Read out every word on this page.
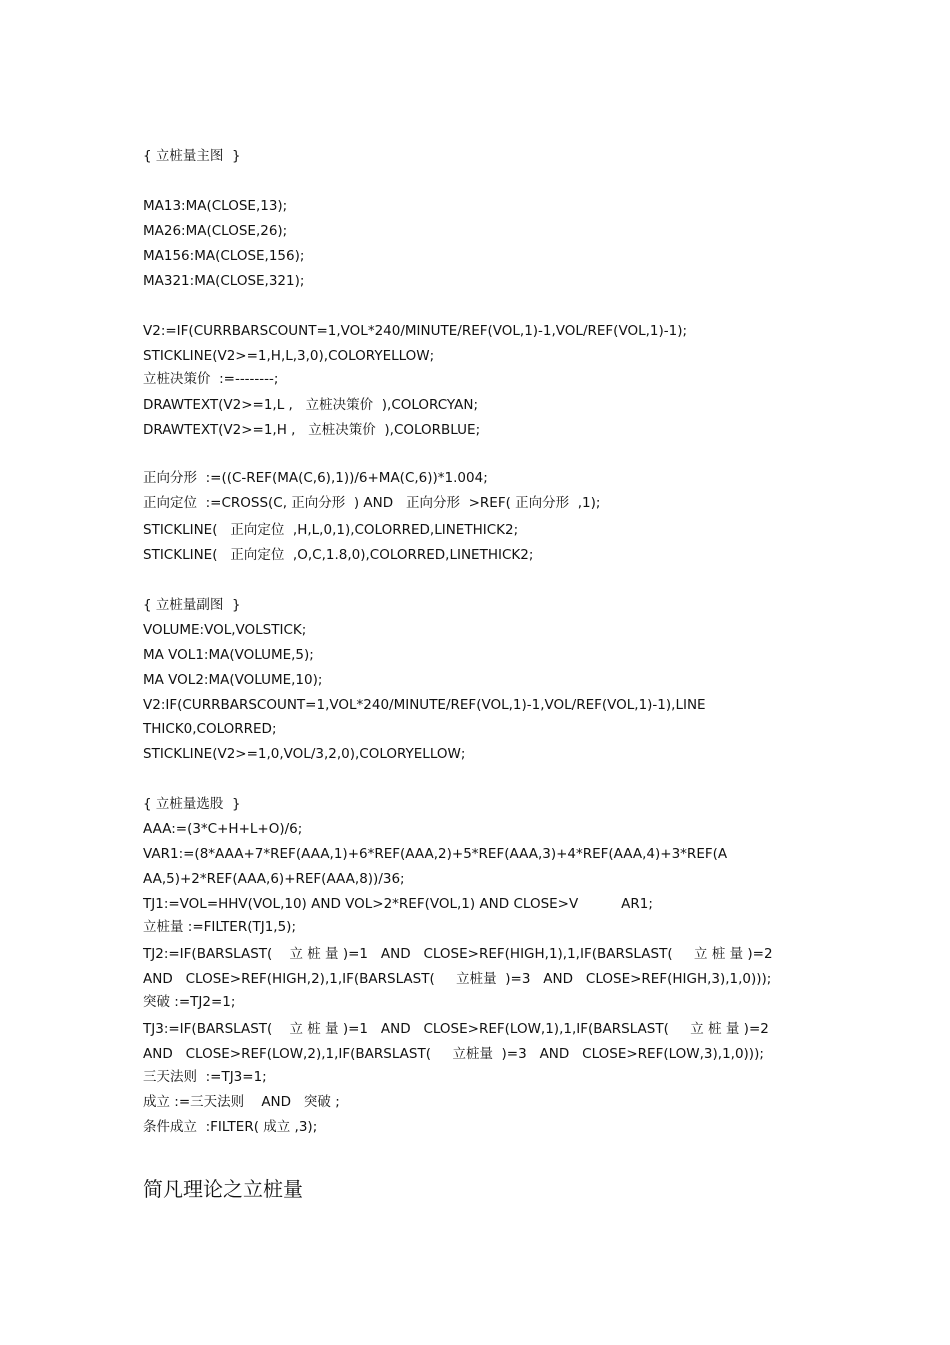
{ 立桩量主图  }

MA13:MA(CLOSE,13);

MA26:MA(CLOSE,26);

MA156:MA(CLOSE,156);

MA321:MA(CLOSE,321);

V2:=IF(CURRBARSCOUNT=1,VOL*240/MINUTE/REF(VOL,1)-1,VOL/REF(VOL,1)-1);

STICKLINE(V2>=1,H,L,3,0),COLORYELLOW;

立桩决策价  :=--------;

DRAWTEXT(V2>=1,L ,   立桩决策价  ),COLORCYAN;

DRAWTEXT(V2>=1,H ,   立桩决策价  ),COLORBLUE;

正向分形  :=((C-REF(MA(C,6),1))/6+MA(C,6))*1.004;

正向定位  :=CROSS(C, 正向分形  ) AND   正向分形  >REF( 正向分形  ,1);

STICKLINE(   正向定位  ,H,L,0,1),COLORRED,LINETHICK2;

STICKLINE(   正向定位  ,O,C,1.8,0),COLORRED,LINETHICK2;

{ 立桩量副图  }

VOLUME:VOL,VOLSTICK;

MA VOL1:MA(VOLUME,5);

MA VOL2:MA(VOLUME,10);

V2:IF(CURRBARSCOUNT=1,VOL*240/MINUTE/REF(VOL,1)-1,VOL/REF(VOL,1)-1),LINE

THICK0,COLORRED;

STICKLINE(V2>=1,0,VOL/3,2,0),COLORYELLOW;

{ 立桩量选股  }

AAA:=(3*C+H+L+O)/6;

VAR1:=(8*AAA+7*REF(AAA,1)+6*REF(AAA,2)+5*REF(AAA,3)+4*REF(AAA,4)+3*REF(A

AA,5)+2*REF(AAA,6)+REF(AAA,8))/36;

TJ1:=VOL=HHV(VOL,10) AND VOL>2*REF(VOL,1) AND CLOSE>V          AR1;

立桩量 :=FILTER(TJ1,5);

TJ2:=IF(BARSLAST(    立 桩 量 )=1   AND   CLOSE>REF(HIGH,1),1,IF(BARSLAST(     立 桩 量 )=2

AND   CLOSE>REF(HIGH,2),1,IF(BARSLAST(     立桩量  )=3   AND   CLOSE>REF(HIGH,3),1,0)));

突破 :=TJ2=1;

TJ3:=IF(BARSLAST(    立 桩 量 )=1   AND   CLOSE>REF(LOW,1),1,IF(BARSLAST(     立 桩 量 )=2

AND   CLOSE>REF(LOW,2),1,IF(BARSLAST(     立桩量  )=3   AND   CLOSE>REF(LOW,3),1,0)));

三天法则  :=TJ3=1;

成立 :=三天法则    AND   突破 ;

条件成立  :FILTER( 成立 ,3);

简凡理论之立桩量
